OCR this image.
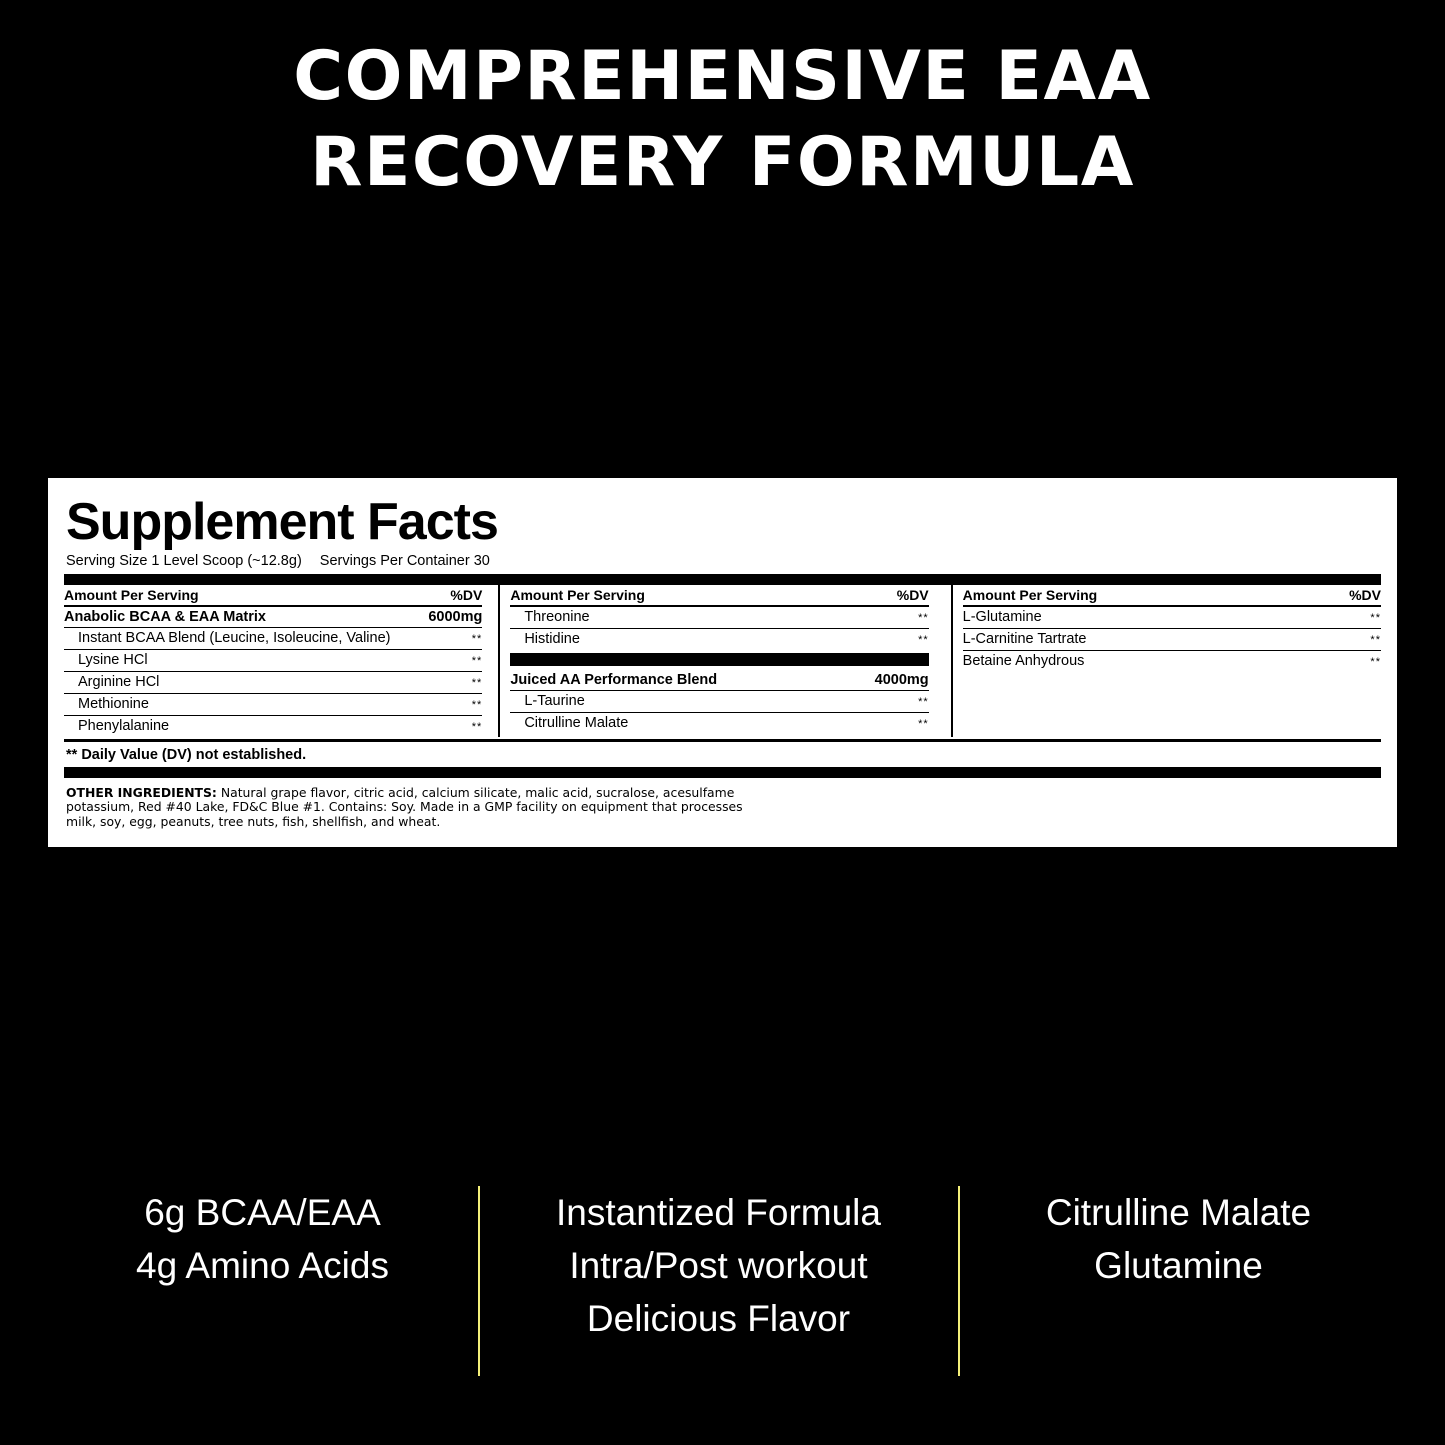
COMPREHENSIVE EAA
RECOVERY FORMULA
Supplement Facts
Serving Size 1 Level Scoop (~12.8g) Servings Per Container 30
Amount Per Serving	%DV
Anabolic BCAA & EAA Matrix	6000mg
Instant BCAA Blend (Leucine, Isoleucine, Valine)	**
Lysine HCl	**
Arginine HCl	**
Methionine	**
Phenylalanine	**
Amount Per Serving	%DV
Threonine	**
Histidine	**
Juiced AA Performance Blend	4000mg
L-Taurine	**
Citrulline Malate	**
Amount Per Serving	%DV
L-Glutamine	**
L-Carnitine Tartrate	**
Betaine Anhydrous	**
** Daily Value (DV) not established.
OTHER INGREDIENTS: Natural grape flavor, citric acid, calcium silicate, malic acid, sucralose, acesulfame potassium, Red #40 Lake, FD&C Blue #1. Contains: Soy. Made in a GMP facility on equipment that processes milk, soy, egg, peanuts, tree nuts, fish, shellfish, and wheat.
6g BCAA/EAA
4g Amino Acids
Instantized Formula
Intra/Post workout
Delicious Flavor
Citrulline Malate
Glutamine
